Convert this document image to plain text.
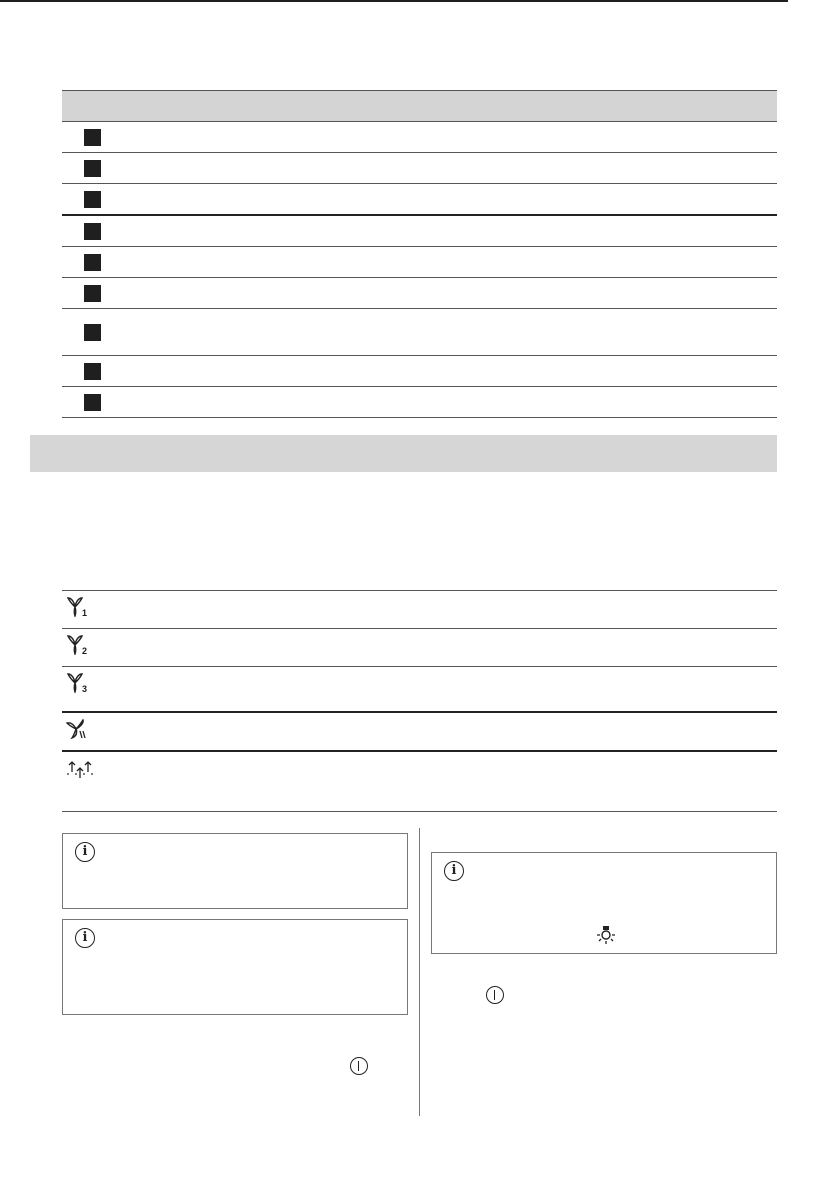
1
2
3
i
i
i
